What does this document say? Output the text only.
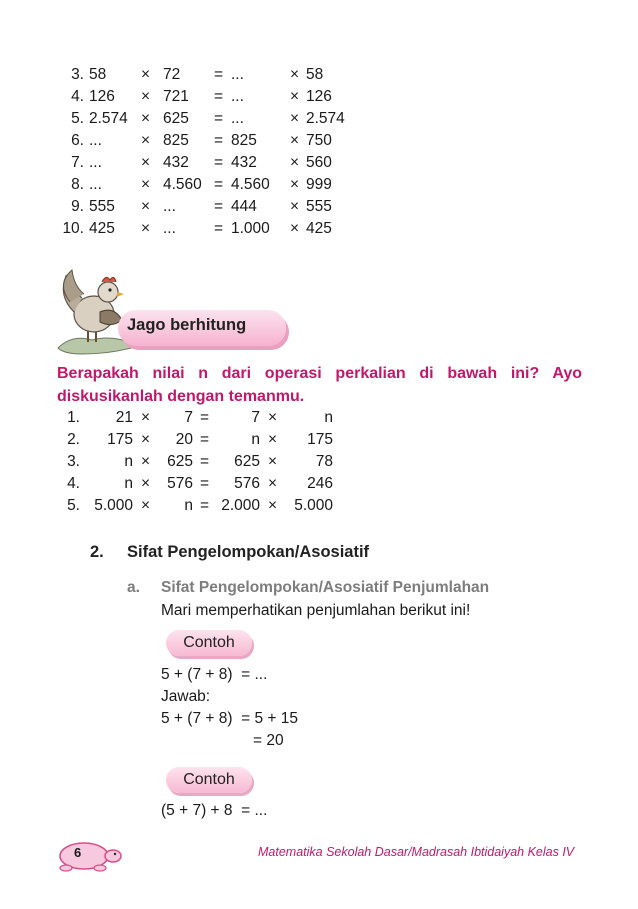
3. 58 × 72 = ...	× 58
4. 126 × 721 = ...	× 126
5. 2.574 × 625 = ...	× 2.574
6. ...	× 825 = 825 × 750
7. ...	× 432 = 432 × 560
8. ...	× 4.560 = 4.560 × 999
9. 555 × ... = 444 × 555
10. 425 × ... = 1.000 × 425
Jago berhitung
Berapakah nilai n dari operasi perkalian di bawah ini? Ayo diskusikanlah dengan temanmu.
1. 21 × 7 =	7 ×	n
2. 175 × 20 =	n × 175
3.	n × 625 = 625 × 78
4.	n × 576 = 576 × 246
5. 5.000 × n = 2.000 × 5.000
2. Sifat Pengelompokan/Asosiatif
a. Sifat Pengelompokan/Asosiatif Penjumlahan
Mari memperhatikan penjumlahan berikut ini!
Contoh
5 + (7 + 8)  = ...
Jawab:
5 + (7 + 8)  = 5 + 15
= 20
Contoh
(5 + 7) + 8  = ...
6	Matematika Sekolah Dasar/Madrasah Ibtidaiyah Kelas IV
